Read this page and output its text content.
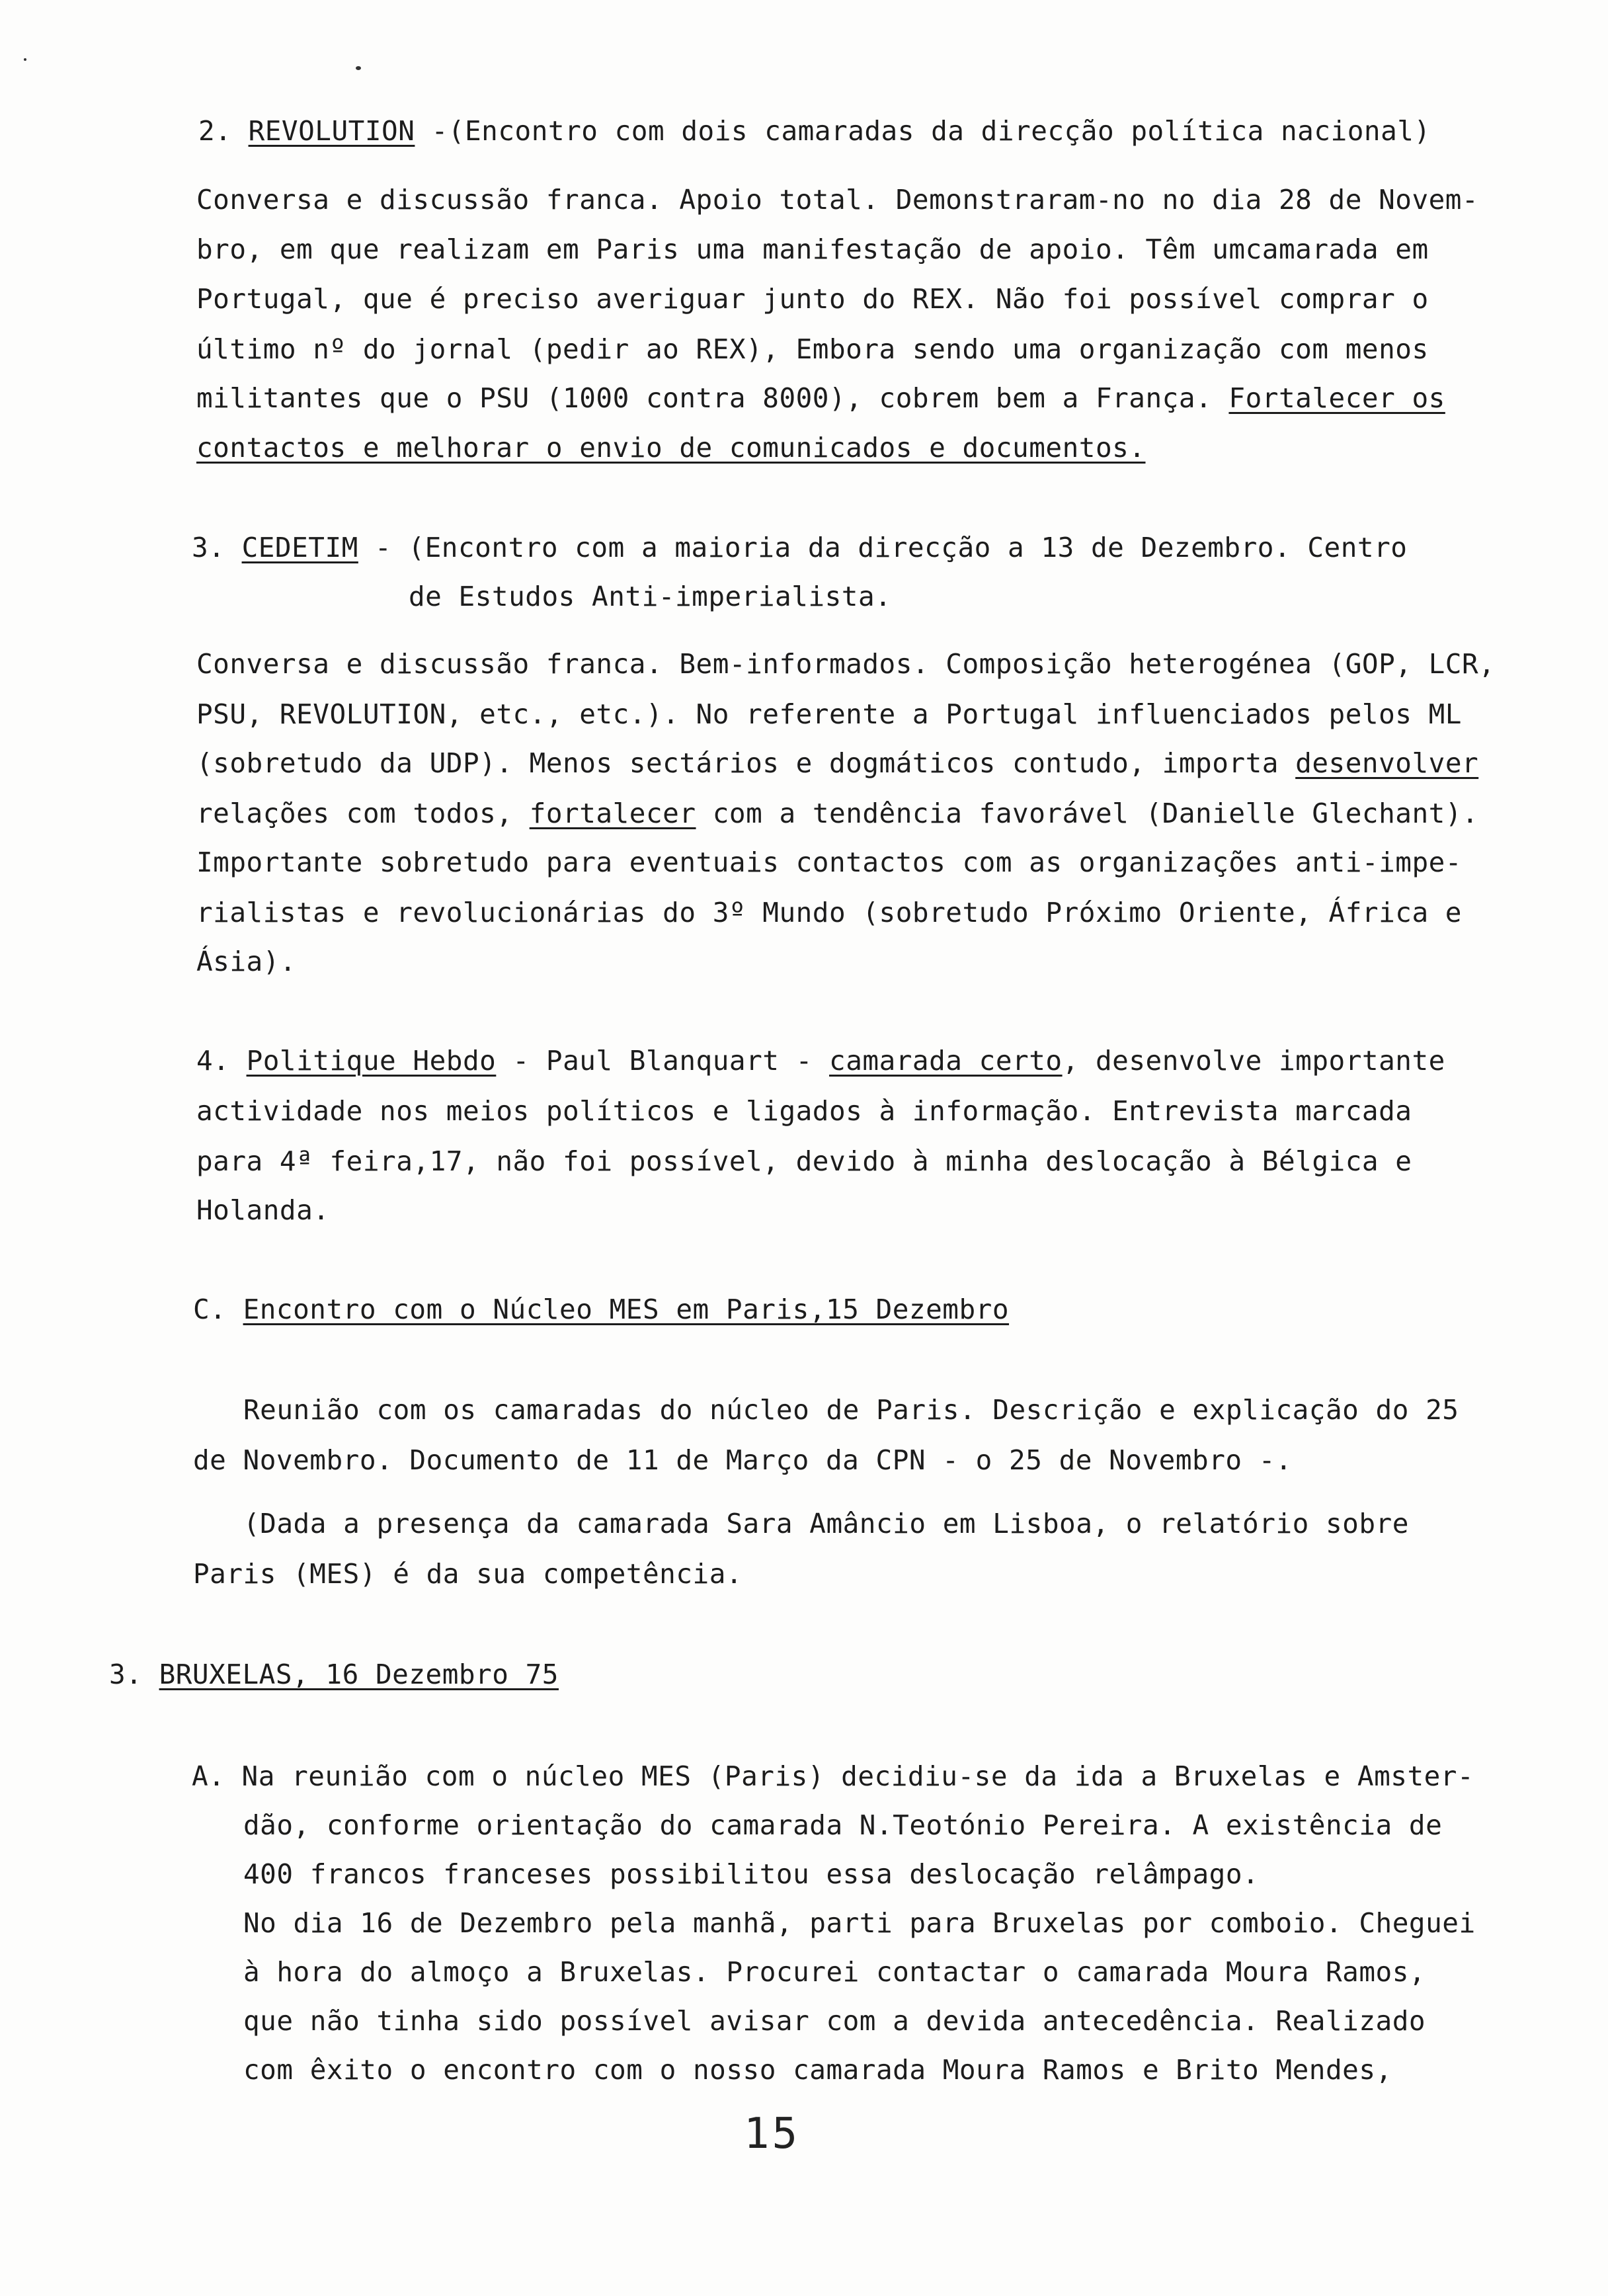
2. REVOLUTION -(Encontro com dois camaradas da direcção política nacional)
Conversa e discussão franca. Apoio total. Demonstraram-no no dia 28 de Novem-
bro, em que realizam em Paris uma manifestação de apoio. Têm umcamarada em
Portugal, que é preciso averiguar junto do REX. Não foi possível comprar o
último nº do jornal (pedir ao REX), Embora sendo uma organização com menos
militantes que o PSU (1000 contra 8000), cobrem bem a França. Fortalecer os
contactos e melhorar o envio de comunicados e documentos.
3. CEDETIM - (Encontro com a maioria da direcção a 13 de Dezembro. Centro
de Estudos Anti-imperialista.
Conversa e discussão franca. Bem-informados. Composição heterogénea (GOP, LCR,
PSU, REVOLUTION, etc., etc.). No referente a Portugal influenciados pelos ML
(sobretudo da UDP). Menos sectários e dogmáticos contudo, importa desenvolver
relações com todos, fortalecer com a tendência favorável (Danielle Glechant).
Importante sobretudo para eventuais contactos com as organizações anti-impe-
rialistas e revolucionárias do 3º Mundo (sobretudo Próximo Oriente, África e
Ásia).
4. Politique Hebdo - Paul Blanquart - camarada certo, desenvolve importante
actividade nos meios políticos e ligados à informação. Entrevista marcada
para 4ª feira,17, não foi possível, devido à minha deslocação à Bélgica e
Holanda.
C. Encontro com o Núcleo MES em Paris,15 Dezembro
Reunião com os camaradas do núcleo de Paris. Descrição e explicação do 25
de Novembro. Documento de 11 de Março da CPN - o 25 de Novembro -.
(Dada a presença da camarada Sara Amâncio em Lisboa, o relatório sobre
Paris (MES) é da sua competência.
3. BRUXELAS, 16 Dezembro 75
A. Na reunião com o núcleo MES (Paris) decidiu-se da ida a Bruxelas e Amster-
dão, conforme orientação do camarada N.Teotónio Pereira. A existência de
400 francos franceses possibilitou essa deslocação relâmpago.
No dia 16 de Dezembro pela manhã, parti para Bruxelas por comboio. Cheguei
à hora do almoço a Bruxelas. Procurei contactar o camarada Moura Ramos,
que não tinha sido possível avisar com a devida antecedência. Realizado
com êxito o encontro com o nosso camarada Moura Ramos e Brito Mendes,
15
